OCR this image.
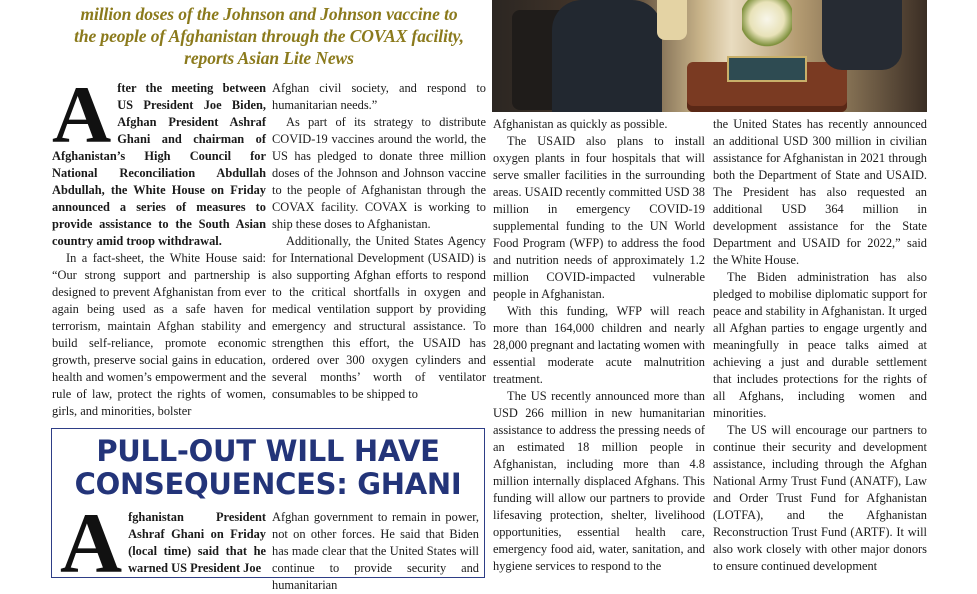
million doses of the Johnson and Johnson vaccine to
the people of Afghanistan through the COVAX facility,
reports Asian Lite News
A fter the meeting between US President Joe Biden, Afghan President Ashraf Ghani and chairman of Afghanistan’s High Council for National Reconciliation Abdullah Abdullah, the White House on Friday announced a series of measures to provide assistance to the South Asian country amid troop withdrawal.

In a fact-sheet, the White House said: “Our strong support and partnership is designed to prevent Afghanistan from ever again being used as a safe haven for terrorism, maintain Afghan stability and build self-reliance, promote economic growth, preserve social gains in education, health and women’s empowerment and the rule of law, protect the rights of women, girls, and minorities, bolster

Afghan civil society, and respond to humanitarian needs.”

As part of its strategy to distribute COVID-19 vaccines around the world, the US has pledged to donate three million doses of the Johnson and Johnson vaccine to the people of Afghanistan through the COVAX facility. COVAX is working to ship these doses to Afghanistan.

Additionally, the United States Agency for International Development (USAID) is also supporting Afghan efforts to respond to the critical shortfalls in oxygen and medical ventilation support by providing emergency and structural assistance. To strengthen this effort, the USAID has ordered over 300 oxygen cylinders and several months’ worth of ventilator consumables to be shipped to

Afghanistan as quickly as possible.

The USAID also plans to install oxygen plants in four hospitals that will serve smaller facilities in the surrounding areas. USAID recently committed USD 38 million in emergency COVID-19 supplemental funding to the UN World Food Program (WFP) to address the food and nutrition needs of approximately 1.2 million COVID-impacted vulnerable people in Afghanistan.

With this funding, WFP will reach more than 164,000 children and nearly 28,000 pregnant and lactating women with essential moderate acute malnutrition treatment.

The US recently announced more than USD 266 million in new humanitarian assistance to address the pressing needs of an estimated 18 million people in Afghanistan, including more than 4.8 million internally displaced Afghans. This funding will allow our partners to provide lifesaving protection, shelter, livelihood opportunities, essential health care, emergency food aid, water, sanitation, and hygiene services to respond to the

the United States has recently announced an additional USD 300 million in civilian assistance for Afghanistan in 2021 through both the Department of State and USAID. The President has also requested an additional USD 364 million in development assistance for the State Department and USAID for 2022,” said the White House.

The Biden administration has also pledged to mobilise diplomatic support for peace and stability in Afghanistan. It urged all Afghan parties to engage urgently and meaningfully in peace talks aimed at achieving a just and durable settlement that includes protections for the rights of all Afghans, including women and minorities.

The US will encourage our partners to continue their security and development assistance, including through the Afghan National Army Trust Fund (ANATF), Law and Order Trust Fund for Afghanistan (LOTFA), and the Afghanistan Reconstruction Trust Fund (ARTF). It will also work closely with other major donors to ensure continued development

PULL-OUT WILL HAVE
CONSEQUENCES: GHANI
A fghanistan President Ashraf Ghani on Friday (local time) said that he warned US President Joe

Afghan government to remain in power, not on other forces. He said that Biden has made clear that the United States will continue to provide security and humanitarian
